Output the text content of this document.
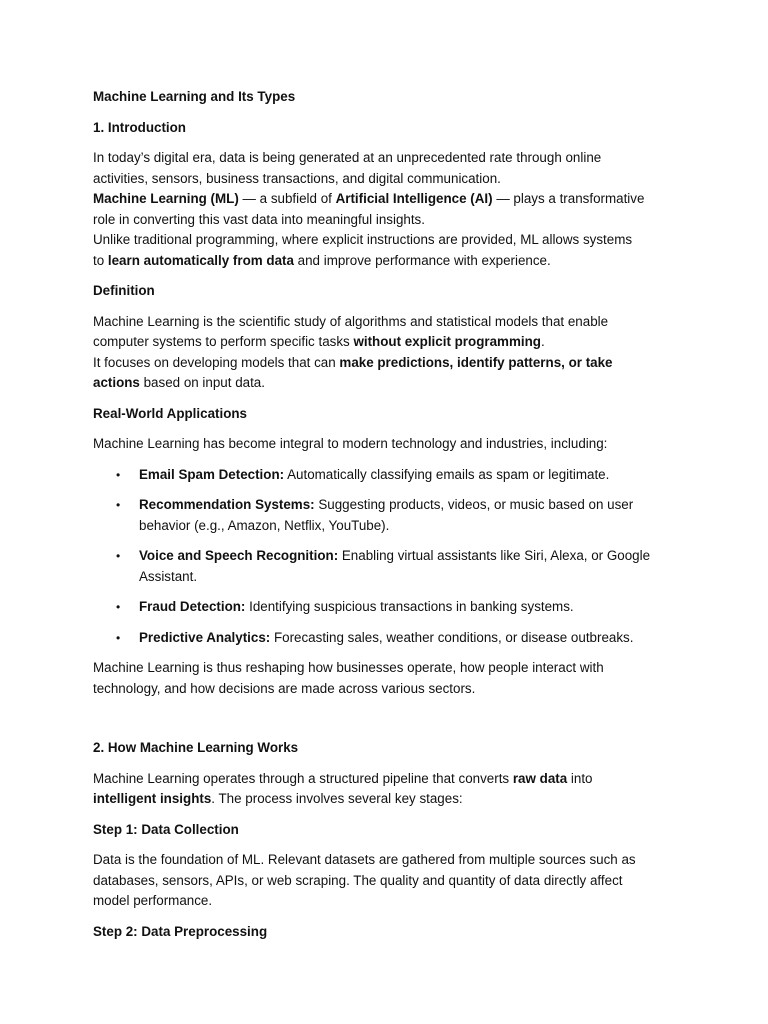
Machine Learning and Its Types
1. Introduction
In today’s digital era, data is being generated at an unprecedented rate through online
activities, sensors, business transactions, and digital communication.
Machine Learning (ML) — a subfield of Artificial Intelligence (AI) — plays a transformative
role in converting this vast data into meaningful insights.
Unlike traditional programming, where explicit instructions are provided, ML allows systems
to learn automatically from data and improve performance with experience.
Definition
Machine Learning is the scientific study of algorithms and statistical models that enable
computer systems to perform specific tasks without explicit programming.
It focuses on developing models that can make predictions, identify patterns, or take
actions based on input data.
Real-World Applications
Machine Learning has become integral to modern technology and industries, including:
• Email Spam Detection: Automatically classifying emails as spam or legitimate.
• Recommendation Systems: Suggesting products, videos, or music based on user
behavior (e.g., Amazon, Netflix, YouTube).
• Voice and Speech Recognition: Enabling virtual assistants like Siri, Alexa, or Google
Assistant.
• Fraud Detection: Identifying suspicious transactions in banking systems.
• Predictive Analytics: Forecasting sales, weather conditions, or disease outbreaks.
Machine Learning is thus reshaping how businesses operate, how people interact with
technology, and how decisions are made across various sectors.
2. How Machine Learning Works
Machine Learning operates through a structured pipeline that converts raw data into
intelligent insights. The process involves several key stages:
Step 1: Data Collection
Data is the foundation of ML. Relevant datasets are gathered from multiple sources such as
databases, sensors, APIs, or web scraping. The quality and quantity of data directly affect
model performance.
Step 2: Data Preprocessing
